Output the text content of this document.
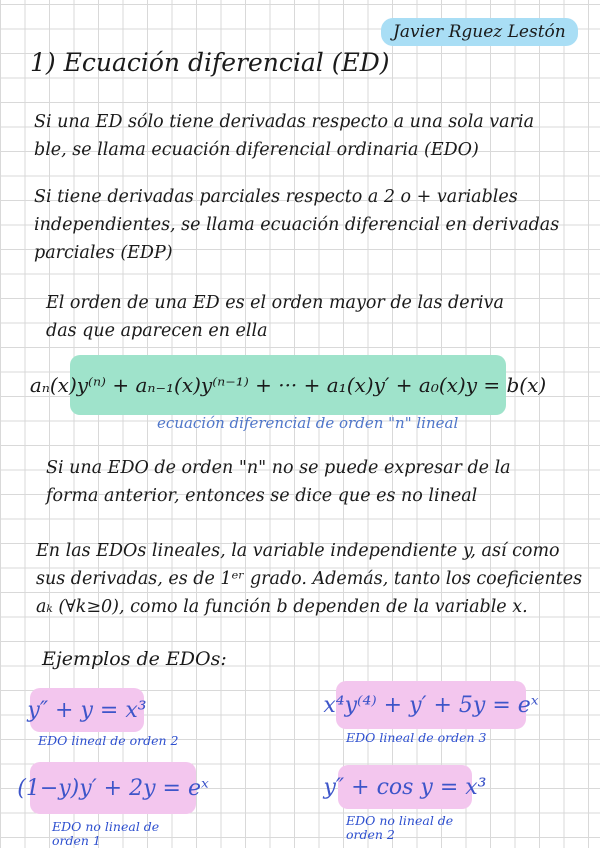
Javier Rguez Lestón
1) Ecuación diferencial (ED)
Si una ED sólo tiene derivadas respecto a una sola varia
ble, se llama ecuación diferencial ordinaria (EDO)
Si tiene derivadas parciales respecto a 2 o + variables
independientes, se llama ecuación diferencial en derivadas
parciales (EDP)
El orden de una ED es el orden mayor de las deriva
das que aparecen en ella
aₙ(x)y⁽ⁿ⁾ + aₙ₋₁(x)y⁽ⁿ⁻¹⁾ + ··· + a₁(x)y′ + a₀(x)y = b(x)
ecuación diferencial de orden "n" lineal
Si una EDO de orden "n" no se puede expresar de la
forma anterior, entonces se dice que es no lineal
En las EDOs lineales, la variable independiente y, así como
sus derivadas, es de 1ᵉʳ grado. Además, tanto los coeficientes
aₖ (∀k≥0), como la función b dependen de la variable x.
Ejemplos de EDOs:
y″ + y = x³
EDO lineal de orden 2
x⁴y⁽⁴⁾ + y′ + 5y = eˣ
EDO lineal de orden 3
(1−y)y′ + 2y = eˣ
EDO no lineal de
orden 1
y″ + cos y = x³
EDO no lineal de
orden 2
